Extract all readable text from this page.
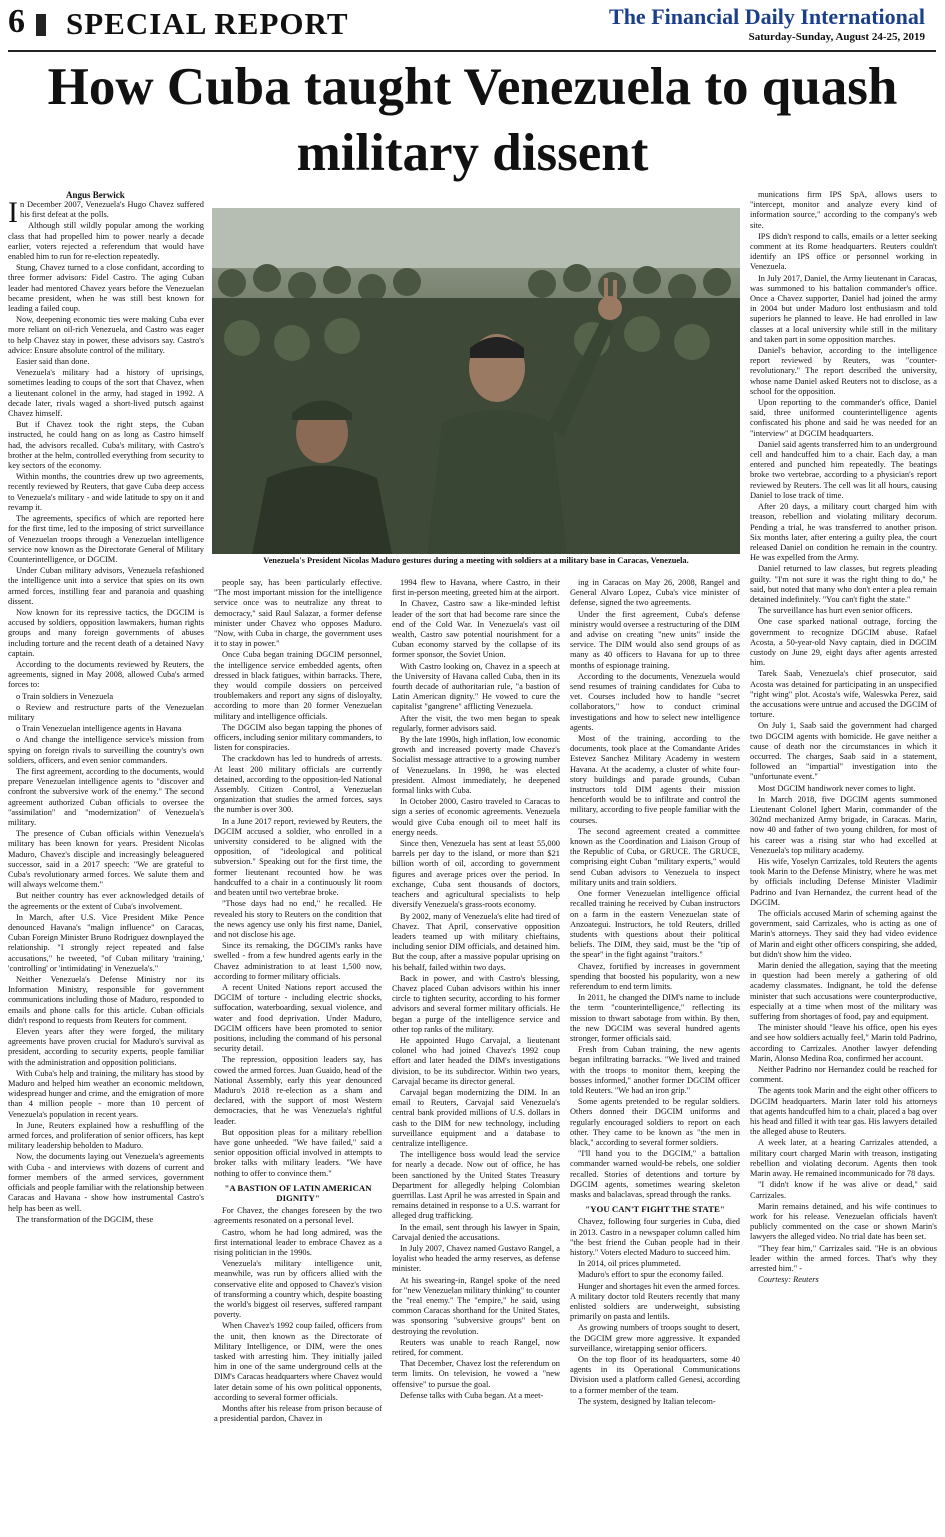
6 SPECIAL REPORT	The Financial Daily International
Saturday-Sunday, August 24-25, 2019
How Cuba taught Venezuela to quash military dissent
Angus Berwick
Venezuela's President Nicolas Maduro gestures during a meeting with soldiers at a military base in Caracas, Venezuela.

In December 2007, Venezuela's Hugo Chavez suffered his first defeat at the polls.

Although still wildly popular among the working class that had propelled him to power nearly a decade earlier, voters rejected a referendum that would have enabled him to run for re-election repeatedly.

Stung, Chavez turned to a close confidant, according to three former advisors: Fidel Castro. The aging Cuban leader had mentored Chavez years before the Venezuelan became president, when he was still best known for leading a failed coup.

Now, deepening economic ties were making Cuba ever more reliant on oil-rich Venezuela, and Castro was eager to help Chavez stay in power, these advisors say. Castro's advice: Ensure absolute control of the military.

Easier said than done.

Venezuela's military had a history of uprisings, sometimes leading to coups of the sort that Chavez, when a lieutenant colonel in the army, had staged in 1992. A decade later, rivals waged a short-lived putsch against Chavez himself.

But if Chavez took the right steps, the Cuban instructed, he could hang on as long as Castro himself had, the advisors recalled. Cuba's military, with Castro's brother at the helm, controlled everything from security to key sectors of the economy.

Within months, the countries drew up two agreements, recently reviewed by Reuters, that gave Cuba deep access to Venezuela's military - and wide latitude to spy on it and revamp it.

The agreements, specifics of which are reported here for the first time, led to the imposing of strict surveillance of Venezuelan troops through a Venezuelan intelligence service now known as the Directorate General of Military Counterintelligence, or DGCIM.

Under Cuban military advisors, Venezuela refashioned the intelligence unit into a service that spies on its own armed forces, instilling fear and paranoia and quashing dissent.

Now known for its repressive tactics, the DGCIM is accused by soldiers, opposition lawmakers, human rights groups and many foreign governments of abuses including torture and the recent death of a detained Navy captain.

According to the documents reviewed by Reuters, the agreements, signed in May 2008, allowed Cuba's armed forces to:

o Train soldiers in Venezuela

o Review and restructure parts of the Venezuelan military

o Train Venezuelan intelligence agents in Havana

o And change the intelligence service's mission from spying on foreign rivals to surveilling the country's own soldiers, officers, and even senior commanders.

The first agreement, according to the documents, would prepare Venezuelan intelligence agents to "discover and confront the subversive work of the enemy." The second agreement authorized Cuban officials to oversee the "assimilation" and "modernization" of Venezuela's military.

The presence of Cuban officials within Venezuela's military has been known for years. President Nicolas Maduro, Chavez's disciple and increasingly beleaguered successor, said in a 2017 speech: "We are grateful to Cuba's revolutionary armed forces. We salute them and will always welcome them."

But neither country has ever acknowledged details of the agreements or the extent of Cuba's involvement.

In March, after U.S. Vice President Mike Pence denounced Havana's "malign influence" on Caracas, Cuban Foreign Minister Bruno Rodriguez downplayed the relationship. "I strongly reject repeated and false accusations," he tweeted, "of Cuban military 'training,' 'controlling' or 'intimidating' in Venezuela's."

Neither Venezuela's Defense Ministry nor its Information Ministry, responsible for government communications including those of Maduro, responded to emails and phone calls for this article. Cuban officials didn't respond to requests from Reuters for comment.

Eleven years after they were forged, the military agreements have proven crucial for Maduro's survival as president, according to security experts, people familiar with the administration and opposition politicians.

With Cuba's help and training, the military has stood by Maduro and helped him weather an economic meltdown, widespread hunger and crime, and the emigration of more than 4 million people - more than 10 percent of Venezuela's population in recent years.

In June, Reuters explained how a reshuffling of the armed forces, and proliferation of senior officers, has kept military leadership beholden to Maduro.

Now, the documents laying out Venezuela's agreements with Cuba - and interviews with dozens of current and former members of the armed services, government officials and people familiar with the relationship between Caracas and Havana - show how instrumental Castro's help has been as well.

The transformation of the DGCIM, these

people say, has been particularly effective. "The most important mission for the intelligence service once was to neutralize any threat to democracy," said Raul Salazar, a former defense minister under Chavez who opposes Maduro. "Now, with Cuba in charge, the government uses it to stay in power."

Once Cuba began training DGCIM personnel, the intelligence service embedded agents, often dressed in black fatigues, within barracks. There, they would compile dossiers on perceived troublemakers and report any signs of disloyalty, according to more than 20 former Venezuelan military and intelligence officials.

The DGCIM also began tapping the phones of officers, including senior military commanders, to listen for conspiracies.

The crackdown has led to hundreds of arrests. At least 200 military officials are currently detained, according to the opposition-led National Assembly. Citizen Control, a Venezuelan organization that studies the armed forces, says the number is over 300.

In a June 2017 report, reviewed by Reuters, the DGCIM accused a soldier, who enrolled in a university considered to be aligned with the opposition, of "ideological and political subversion." Speaking out for the first time, the former lieutenant recounted how he was handcuffed to a chair in a continuously lit room and beaten until two vertebrae broke.

"Those days had no end," he recalled. He revealed his story to Reuters on the condition that the news agency use only his first name, Daniel, and not disclose his age.

Since its remaking, the DGCIM's ranks have swelled - from a few hundred agents early in the Chavez administration to at least 1,500 now, according to former military officials.

A recent United Nations report accused the DGCIM of torture - including electric shocks, suffocation, waterboarding, sexual violence, and water and food deprivation. Under Maduro, DGCIM officers have been promoted to senior positions, including the command of his personal security detail.

The repression, opposition leaders say, has cowed the armed forces. Juan Guaido, head of the National Assembly, early this year denounced Maduro's 2018 re-election as a sham and declared, with the support of most Western democracies, that he was Venezuela's rightful leader.

But opposition pleas for a military rebellion have gone unheeded. "We have failed," said a senior opposition official involved in attempts to broker talks with military leaders. "We have nothing to offer to convince them."

"A BASTION OF LATIN AMERICAN DIGNITY"

For Chavez, the changes foreseen by the two agreements resonated on a personal level.

Castro, whom he had long admired, was the first international leader to embrace Chavez as a rising politician in the 1990s.

Venezuela's military intelligence unit, meanwhile, was run by officers allied with the conservative elite and opposed to Chavez's vision of transforming a country which, despite boasting the world's biggest oil reserves, suffered rampant poverty.

When Chavez's 1992 coup failed, officers from the unit, then known as the Directorate of Military Intelligence, or DIM, were the ones tasked with arresting him. They initially jailed him in one of the same underground cells at the DIM's Caracas headquarters where Chavez would later detain some of his own political opponents, according to several former officials.

Months after his release from prison because of a presidential pardon, Chavez in

1994 flew to Havana, where Castro, in their first in-person meeting, greeted him at the airport.

In Chavez, Castro saw a like-minded leftist leader of the sort that had become rare since the end of the Cold War. In Venezuela's vast oil wealth, Castro saw potential nourishment for a Cuban economy starved by the collapse of its former sponsor, the Soviet Union.

With Castro looking on, Chavez in a speech at the University of Havana called Cuba, then in its fourth decade of authoritarian rule, "a bastion of Latin American dignity." He vowed to cure the capitalist "gangrene" afflicting Venezuela.

After the visit, the two men began to speak regularly, former advisors said.

By the late 1990s, high inflation, low economic growth and increased poverty made Chavez's Socialist message attractive to a growing number of Venezuelans. In 1998, he was elected president. Almost immediately, he deepened formal links with Cuba.

In October 2000, Castro traveled to Caracas to sign a series of economic agreements. Venezuela would give Cuba enough oil to meet half its energy needs.

Since then, Venezuela has sent at least 55,000 barrels per day to the island, or more than $21 billion worth of oil, according to government figures and average prices over the period. In exchange, Cuba sent thousands of doctors, teachers and agricultural specialists to help diversify Venezuela's grass-roots economy.

By 2002, many of Venezuela's elite had tired of Chavez. That April, conservative opposition leaders teamed up with military chieftains, including senior DIM officials, and detained him. But the coup, after a massive popular uprising on his behalf, failed within two days.

Back in power, and with Castro's blessing, Chavez placed Cuban advisors within his inner circle to tighten security, according to his former advisors and several former military officials. He began a purge of the intelligence service and other top ranks of the military.

He appointed Hugo Carvajal, a lieutenant colonel who had joined Chavez's 1992 coup effort and later headed the DIM's investigations division, to be its subdirector. Within two years, Carvajal became its director general.

Carvajal began modernizing the DIM. In an email to Reuters, Carvajal said Venezuela's central bank provided millions of U.S. dollars in cash to the DIM for new technology, including surveillance equipment and a database to centralize intelligence.

The intelligence boss would lead the service for nearly a decade. Now out of office, he has been sanctioned by the United States Treasury Department for allegedly helping Colombian guerrillas. Last April he was arrested in Spain and remains detained in response to a U.S. warrant for alleged drug trafficking.

In the email, sent through his lawyer in Spain, Carvajal denied the accusations.

In July 2007, Chavez named Gustavo Rangel, a loyalist who headed the army reserves, as defense minister.

At his swearing-in, Rangel spoke of the need for "new Venezuelan military thinking" to counter the "real enemy." The "empire," he said, using common Caracas shorthand for the United States, was sponsoring "subversive groups" bent on destroying the revolution.

Reuters was unable to reach Rangel, now retired, for comment.

That December, Chavez lost the referendum on term limits. On television, he vowed a "new offensive" to pursue the goal.

Defense talks with Cuba began. At a meet-

ing in Caracas on May 26, 2008, Rangel and General Alvaro Lopez, Cuba's vice minister of defense, signed the two agreements.

Under the first agreement, Cuba's defense ministry would oversee a restructuring of the DIM and advise on creating "new units" inside the service. The DIM would also send groups of as many as 40 officers to Havana for up to three months of espionage training.

According to the documents, Venezuela would send resumes of training candidates for Cuba to vet. Courses included how to handle "secret collaborators," how to conduct criminal investigations and how to select new intelligence agents.

Most of the training, according to the documents, took place at the Comandante Arides Estevez Sanchez Military Academy in western Havana. At the academy, a cluster of white four-story buildings and parade grounds, Cuban instructors told DIM agents their mission henceforth would be to infiltrate and control the military, according to five people familiar with the courses.

The second agreement created a committee known as the Coordination and Liaison Group of the Republic of Cuba, or GRUCE. The GRUCE, comprising eight Cuban "military experts," would send Cuban advisors to Venezuela to inspect military units and train soldiers.

One former Venezuelan intelligence official recalled training he received by Cuban instructors on a farm in the eastern Venezuelan state of Anzoategui. Instructors, he told Reuters, drilled students with questions about their political beliefs. The DIM, they said, must be the "tip of the spear" in the fight against "traitors."

Chavez, fortified by increases in government spending that boosted his popularity, won a new referendum to end term limits.

In 2011, he changed the DIM's name to include the term "counterintelligence," reflecting its mission to thwart sabotage from within. By then, the new DGCIM was several hundred agents stronger, former officials said.

Fresh from Cuban training, the new agents began infiltrating barracks. "We lived and trained with the troops to monitor them, keeping the bosses informed," another former DGCIM officer told Reuters. "We had an iron grip."

Some agents pretended to be regular soldiers. Others donned their DGCIM uniforms and regularly encouraged soldiers to report on each other. They came to be known as "the men in black," according to several former soldiers.

"I'll hand you to the DGCIM," a battalion commander warned would-be rebels, one soldier recalled. Stories of detentions and torture by DGCIM agents, sometimes wearing skeleton masks and balaclavas, spread through the ranks.

"YOU CAN'T FIGHT THE STATE"

Chavez, following four surgeries in Cuba, died in 2013. Castro in a newspaper column called him "the best friend the Cuban people had in their history." Voters elected Maduro to succeed him.

In 2014, oil prices plummeted.

Maduro's effort to spur the economy failed.

Hunger and shortages hit even the armed forces. A military doctor told Reuters recently that many enlisted soldiers are underweight, subsisting primarily on pasta and lentils.

As growing numbers of troops sought to desert, the DGCIM grew more aggressive. It expanded surveillance, wiretapping senior officers.

On the top floor of its headquarters, some 40 agents in its Operational Communications Division used a platform called Genesi, according to a former member of the team.

The system, designed by Italian telecom-

munications firm IPS SpA, allows users to "intercept, monitor and analyze every kind of information source," according to the company's web site.

IPS didn't respond to calls, emails or a letter seeking comment at its Rome headquarters. Reuters couldn't identify an IPS office or personnel working in Venezuela.

In July 2017, Daniel, the Army lieutenant in Caracas, was summoned to his battalion commander's office. Once a Chavez supporter, Daniel had joined the army in 2004 but under Maduro lost enthusiasm and told superiors he planned to leave. He had enrolled in law classes at a local university while still in the military and taken part in some opposition marches.

Daniel's behavior, according to the intelligence report reviewed by Reuters, was "counter-revolutionary." The report described the university, whose name Daniel asked Reuters not to disclose, as a school for the opposition.

Upon reporting to the commander's office, Daniel said, three uniformed counterintelligence agents confiscated his phone and said he was needed for an "interview" at DGCIM headquarters.

Daniel said agents transferred him to an underground cell and handcuffed him to a chair. Each day, a man entered and punched him repeatedly. The beatings broke two vertebrae, according to a physician's report reviewed by Reuters. The cell was lit all hours, causing Daniel to lose track of time.

After 20 days, a military court charged him with treason, rebellion and violating military decorum. Pending a trial, he was transferred to another prison. Six months later, after entering a guilty plea, the court released Daniel on condition he remain in the country. He was expelled from the Army.

Daniel returned to law classes, but regrets pleading guilty. "I'm not sure it was the right thing to do," he said, but noted that many who don't enter a plea remain detained indefinitely. "You can't fight the state."

The surveillance has hurt even senior officers.

One case sparked national outrage, forcing the government to recognize DGCIM abuse. Rafael Acosta, a 50-year-old Navy captain, died in DGCIM custody on June 29, eight days after agents arrested him.

Tarek Saab, Venezuela's chief prosecutor, said Acosta was detained for participating in an unspecified "right wing" plot. Acosta's wife, Waleswka Perez, said the accusations were untrue and accused the DGCIM of torture.

On July 1, Saab said the government had charged two DGCIM agents with homicide. He gave neither a cause of death nor the circumstances in which it occurred. The charges, Saab said in a statement, followed an "impartial" investigation into the "unfortunate event."

Most DGCIM handiwork never comes to light.

In March 2018, five DGCIM agents summoned Lieutenant Colonel Igbert Marin, commander of the 302nd mechanized Army brigade, in Caracas. Marin, now 40 and father of two young children, for most of his career was a rising star who had excelled at Venezuela's top military academy.

His wife, Yoselyn Carrizales, told Reuters the agents took Marin to the Defense Ministry, where he was met by officials including Defense Minister Vladimir Padrino and Ivan Hernandez, the current head of the DGCIM.

The officials accused Marin of scheming against the government, said Carrizales, who is acting as one of Marin's attorneys. They said they had video evidence of Marin and eight other officers conspiring, she added, but didn't show him the video.

Marin denied the allegation, saying that the meeting in question had been merely a gathering of old academy classmates. Indignant, he told the defense minister that such accusations were counterproductive, especially at a time when most of the military was suffering from shortages of food, pay and equipment.

The minister should "leave his office, open his eyes and see how soldiers actually feel," Marin told Padrino, according to Carrizales. Another lawyer defending Marin, Alonso Medina Roa, confirmed her account.

Neither Padrino nor Hernandez could be reached for comment.

The agents took Marin and the eight other officers to DGCIM headquarters. Marin later told his attorneys that agents handcuffed him to a chair, placed a bag over his head and filled it with tear gas. His lawyers detailed the alleged abuse to Reuters.

A week later, at a hearing Carrizales attended, a military court charged Marin with treason, instigating rebellion and violating decorum. Agents then took Marin away. He remained incommunicado for 78 days.

"I didn't know if he was alive or dead," said Carrizales.

Marin remains detained, and his wife continues to work for his release. Venezuelan officials haven't publicly commented on the case or shown Marin's lawyers the alleged video. No trial date has been set.

"They fear him," Carrizales said. "He is an obvious leader within the armed forces. That's why they arrested him." -

Courtesy: Reuters
